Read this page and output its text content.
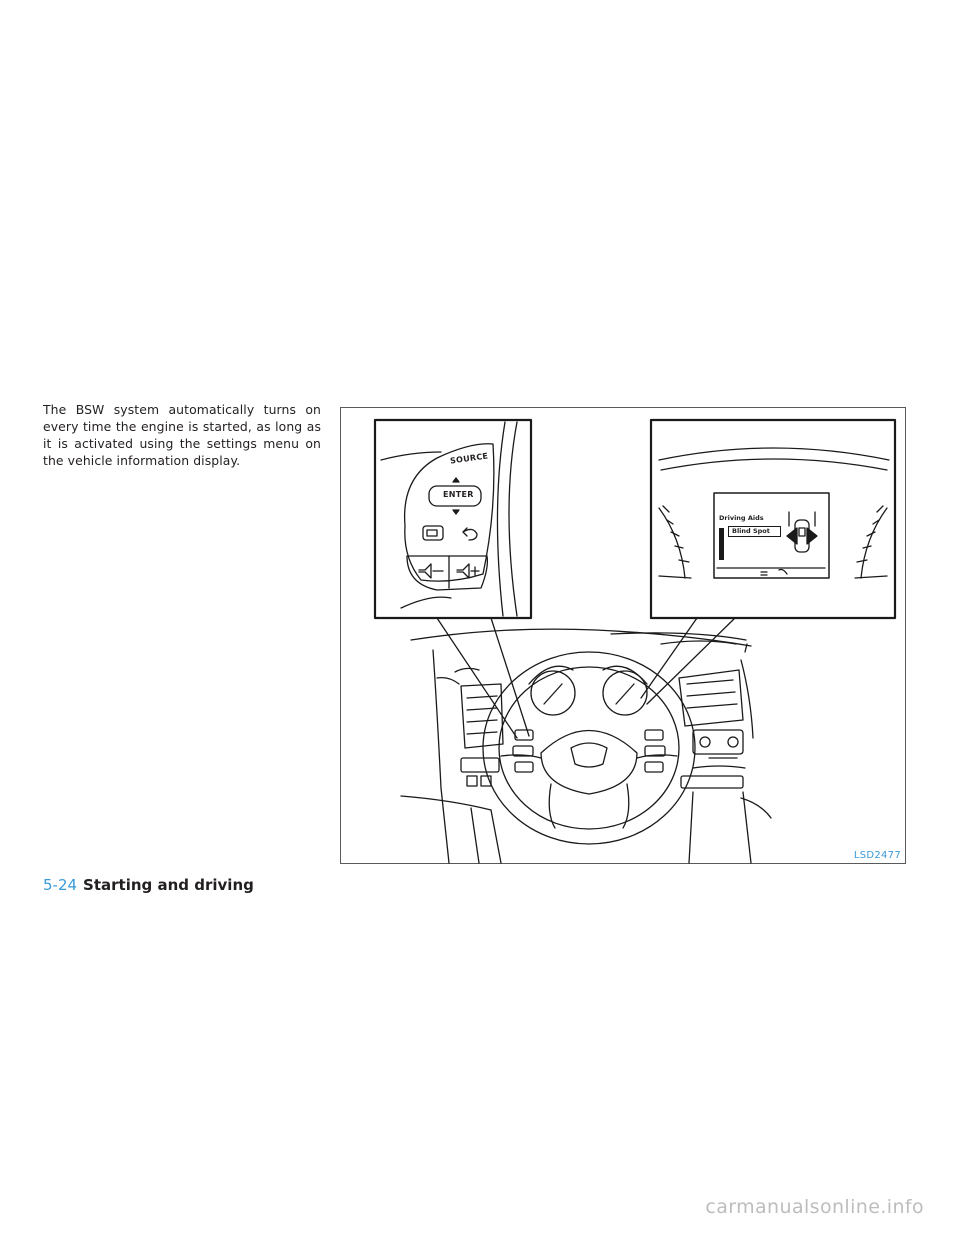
The BSW system automatically turns on every time the engine is started, as long as it is activated using the settings menu on the vehicle information display.	SOURCE
ENTER
Driving Aids
Blind Spot
LSD2477
5-24 Starting and driving
carmanualsonline.info
